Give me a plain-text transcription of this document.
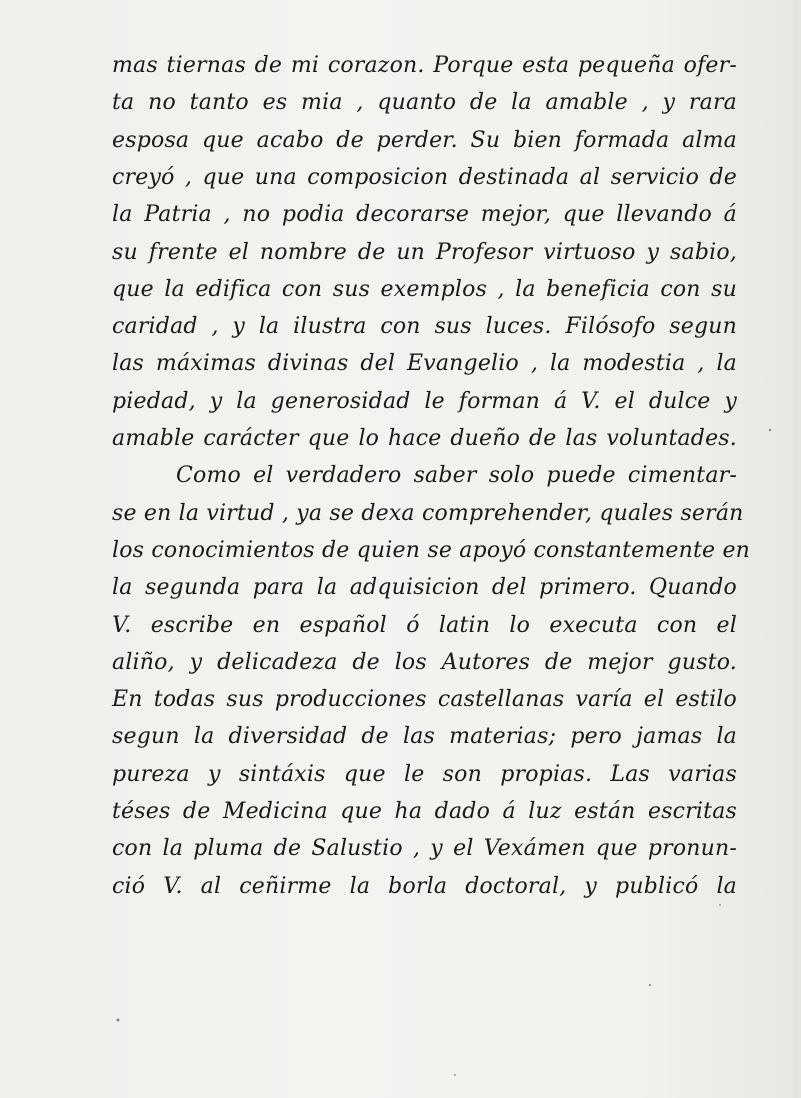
mas tiernas de mi corazon. Porque esta pequeña ofer-
ta no tanto es mia , quanto de la amable , y rara
esposa que acabo de perder. Su bien formada alma
creyó , que una composicion destinada al servicio de
la Patria , no podia decorarse mejor, que llevando á
su frente el nombre de un Profesor virtuoso y sabio,
que la edifica con sus exemplos , la beneficia con su
caridad , y la ilustra con sus luces. Filósofo segun
las máximas divinas del Evangelio , la modestia , la
piedad, y la generosidad le forman á V. el dulce y
amable carácter que lo hace dueño de las voluntades.
Como el verdadero saber solo puede cimentar-
se en la virtud , ya se dexa comprehender, quales serán
los conocimientos de quien se apoyó constantemente en
la segunda para la adquisicion del primero. Quando
V. escribe en español ó latin lo executa con el
aliño, y delicadeza de los Autores de mejor gusto.
En todas sus producciones castellanas varía el estilo
segun la diversidad de las materias; pero jamas la
pureza y sintáxis que le son propias. Las varias
téses de Medicina que ha dado á luz están escritas
con la pluma de Salustio , y el Vexámen que pronun-
ció V. al ceñirme la borla doctoral, y publicó la
